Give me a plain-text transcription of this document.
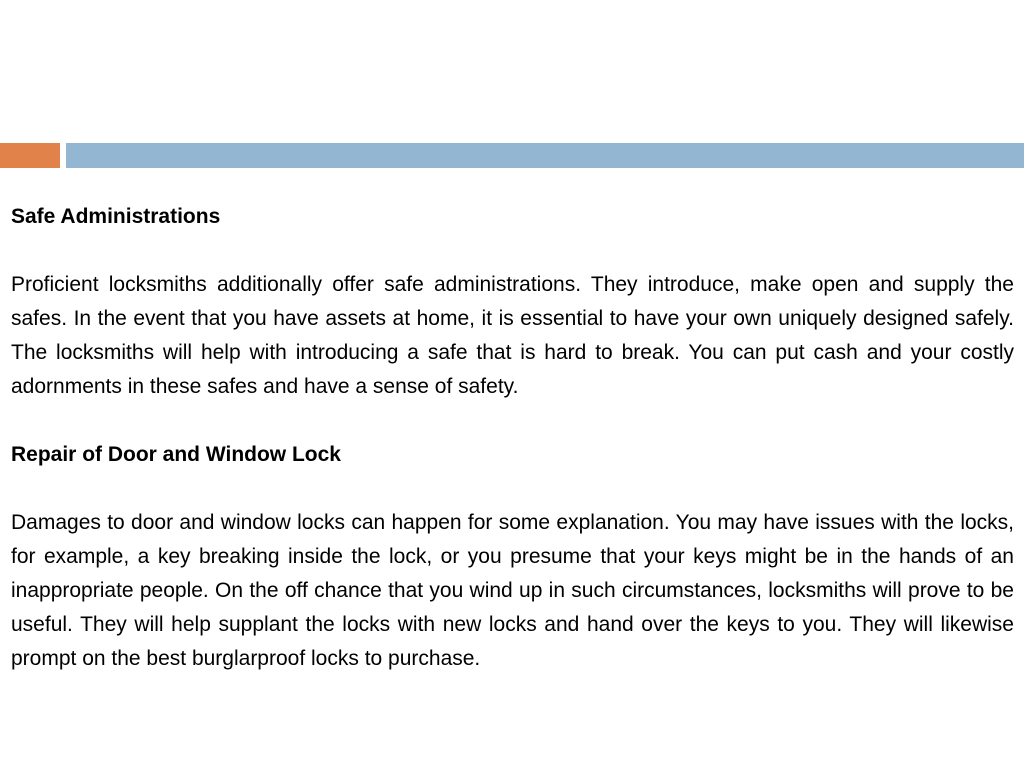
Safe Administrations

Proficient locksmiths additionally offer safe administrations. They introduce, make open and supply the safes. In the event that you have assets at home, it is essential to have your own uniquely designed safely. The locksmiths will help with introducing a safe that is hard to break. You can put cash and your costly adornments in these safes and have a sense of safety.

Repair of Door and Window Lock

Damages to door and window locks can happen for some explanation. You may have issues with the locks, for example, a key breaking inside the lock, or you presume that your keys might be in the hands of an inappropriate people. On the off chance that you wind up in such circumstances, locksmiths will prove to be useful. They will help supplant the locks with new locks and hand over the keys to you. They will likewise prompt on the best burglarproof locks to purchase.
